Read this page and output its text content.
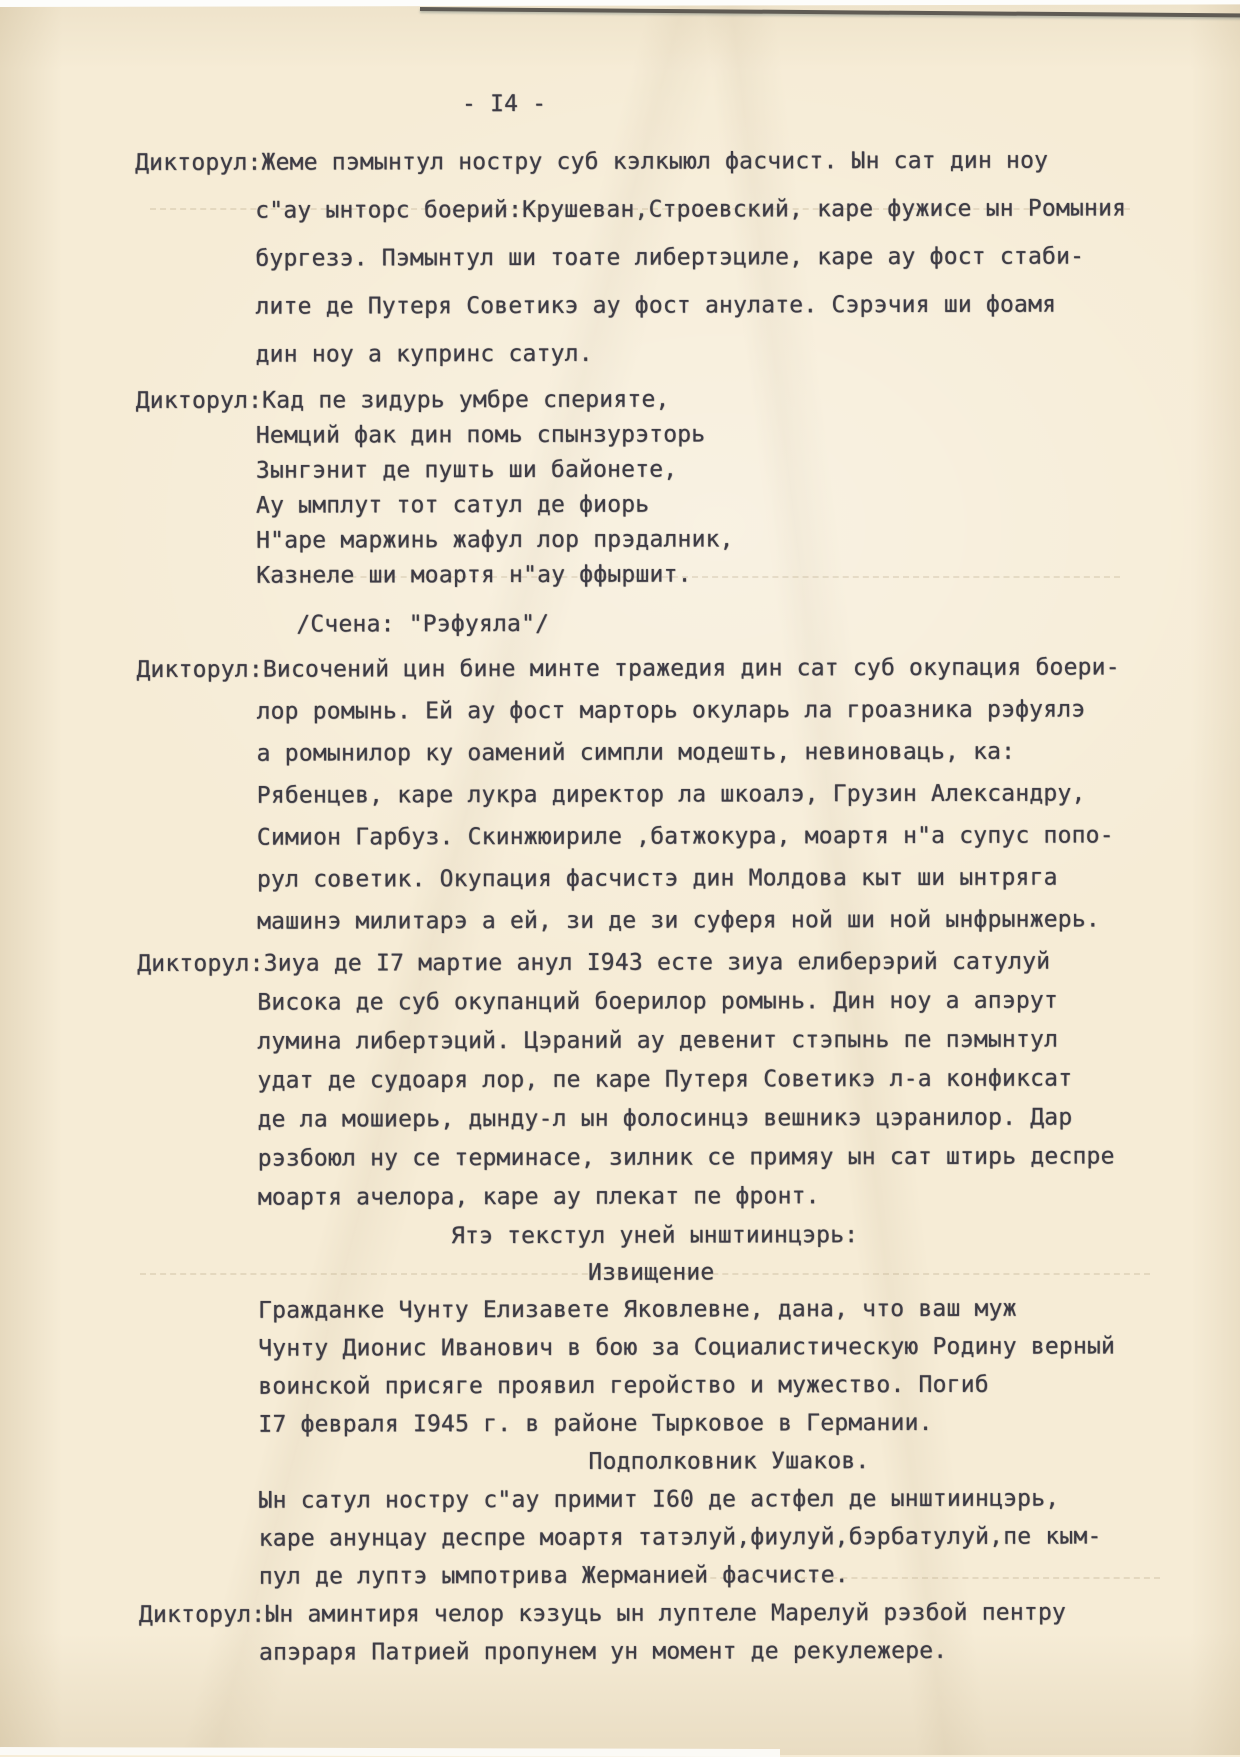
- I4 -
Дикторул:Жеме пэмынтул ностру суб кэлкыюл фасчист. Ын сат дин ноу
с"ау ынторс боерий:Крушеван,Строевский, каре фужисе ын Ромыния
бургезэ. Пэмынтул ши тоате либертэциле, каре ау фост стаби-
лите де Путеря Советикэ ау фост анулате. Сэрэчия ши фоамя
дин ноу а купринс сатул.
Дикторул:Кад пе зидурь умбре сперияте,
Немций фак дин помь спынзурэторь
Зынгэнит де пушть ши байонете,
Ау ымплут тот сатул де фиорь
Н"аре маржинь жафул лор прэдалник,
Казнеле ши моартя н"ау ффыршит.
/Счена: "Рэфуяла"/
Дикторул:Височений цин бине минте тражедия дин сат суб окупация боери-
лор ромынь. Ей ау фост марторь окуларь ла гроазника рэфуялэ
а ромынилор ку оамений симпли модешть, невиноваць, ка:
Рябенцев, каре лукра директор ла шкоалэ, Грузин Александру,
Симион Гарбуз. Скинжюириле ,батжокура, моартя н"а супус попо-
рул советик. Окупация фасчистэ дин Молдова кыт ши ынтряга
машинэ милитарэ а ей, зи де зи суферя ной ши ной ынфрынжерь.
Дикторул:Зиуа де I7 мартие анул I943 есте зиуа елиберэрий сатулуй
Висока де суб окупанций боерилор ромынь. Дин ноу а апэрут
лумина либертэций. Цэраний ау девенит стэпынь пе пэмынтул
удат де судоаря лор, пе каре Путеря Советикэ л-а конфиксат
де ла мошиерь, дынду-л ын фолосинцэ вешникэ цэранилор. Дар
рэзбоюл ну се терминасе, зилник се примяу ын сат штирь деспре
моартя ачелора, каре ау плекат пе фронт.
Ятэ текстул уней ынштиинцэрь:
Извищение
Гражданке Чунту Елизавете Яковлевне, дана, что ваш муж
Чунту Дионис Иванович в бою за Социалистическую Родину верный
воинской присяге проявил геройство и мужество. Погиб
I7 февраля I945 г. в районе Тырковое в Германии.
Подполковник Ушаков.
Ын сатул ностру с"ау примит I60 де астфел де ынштиинцэрь,
каре анунцау деспре моартя татэлуй,фиулуй,бэрбатулуй,пе кым-
пул де луптэ ымпотрива Жерманией фасчисте.
Дикторул:Ын аминтиря челор кэзуць ын луптеле Марелуй рэзбой пентру
апэраря Патрией пропунем ун момент де рекулежере.
